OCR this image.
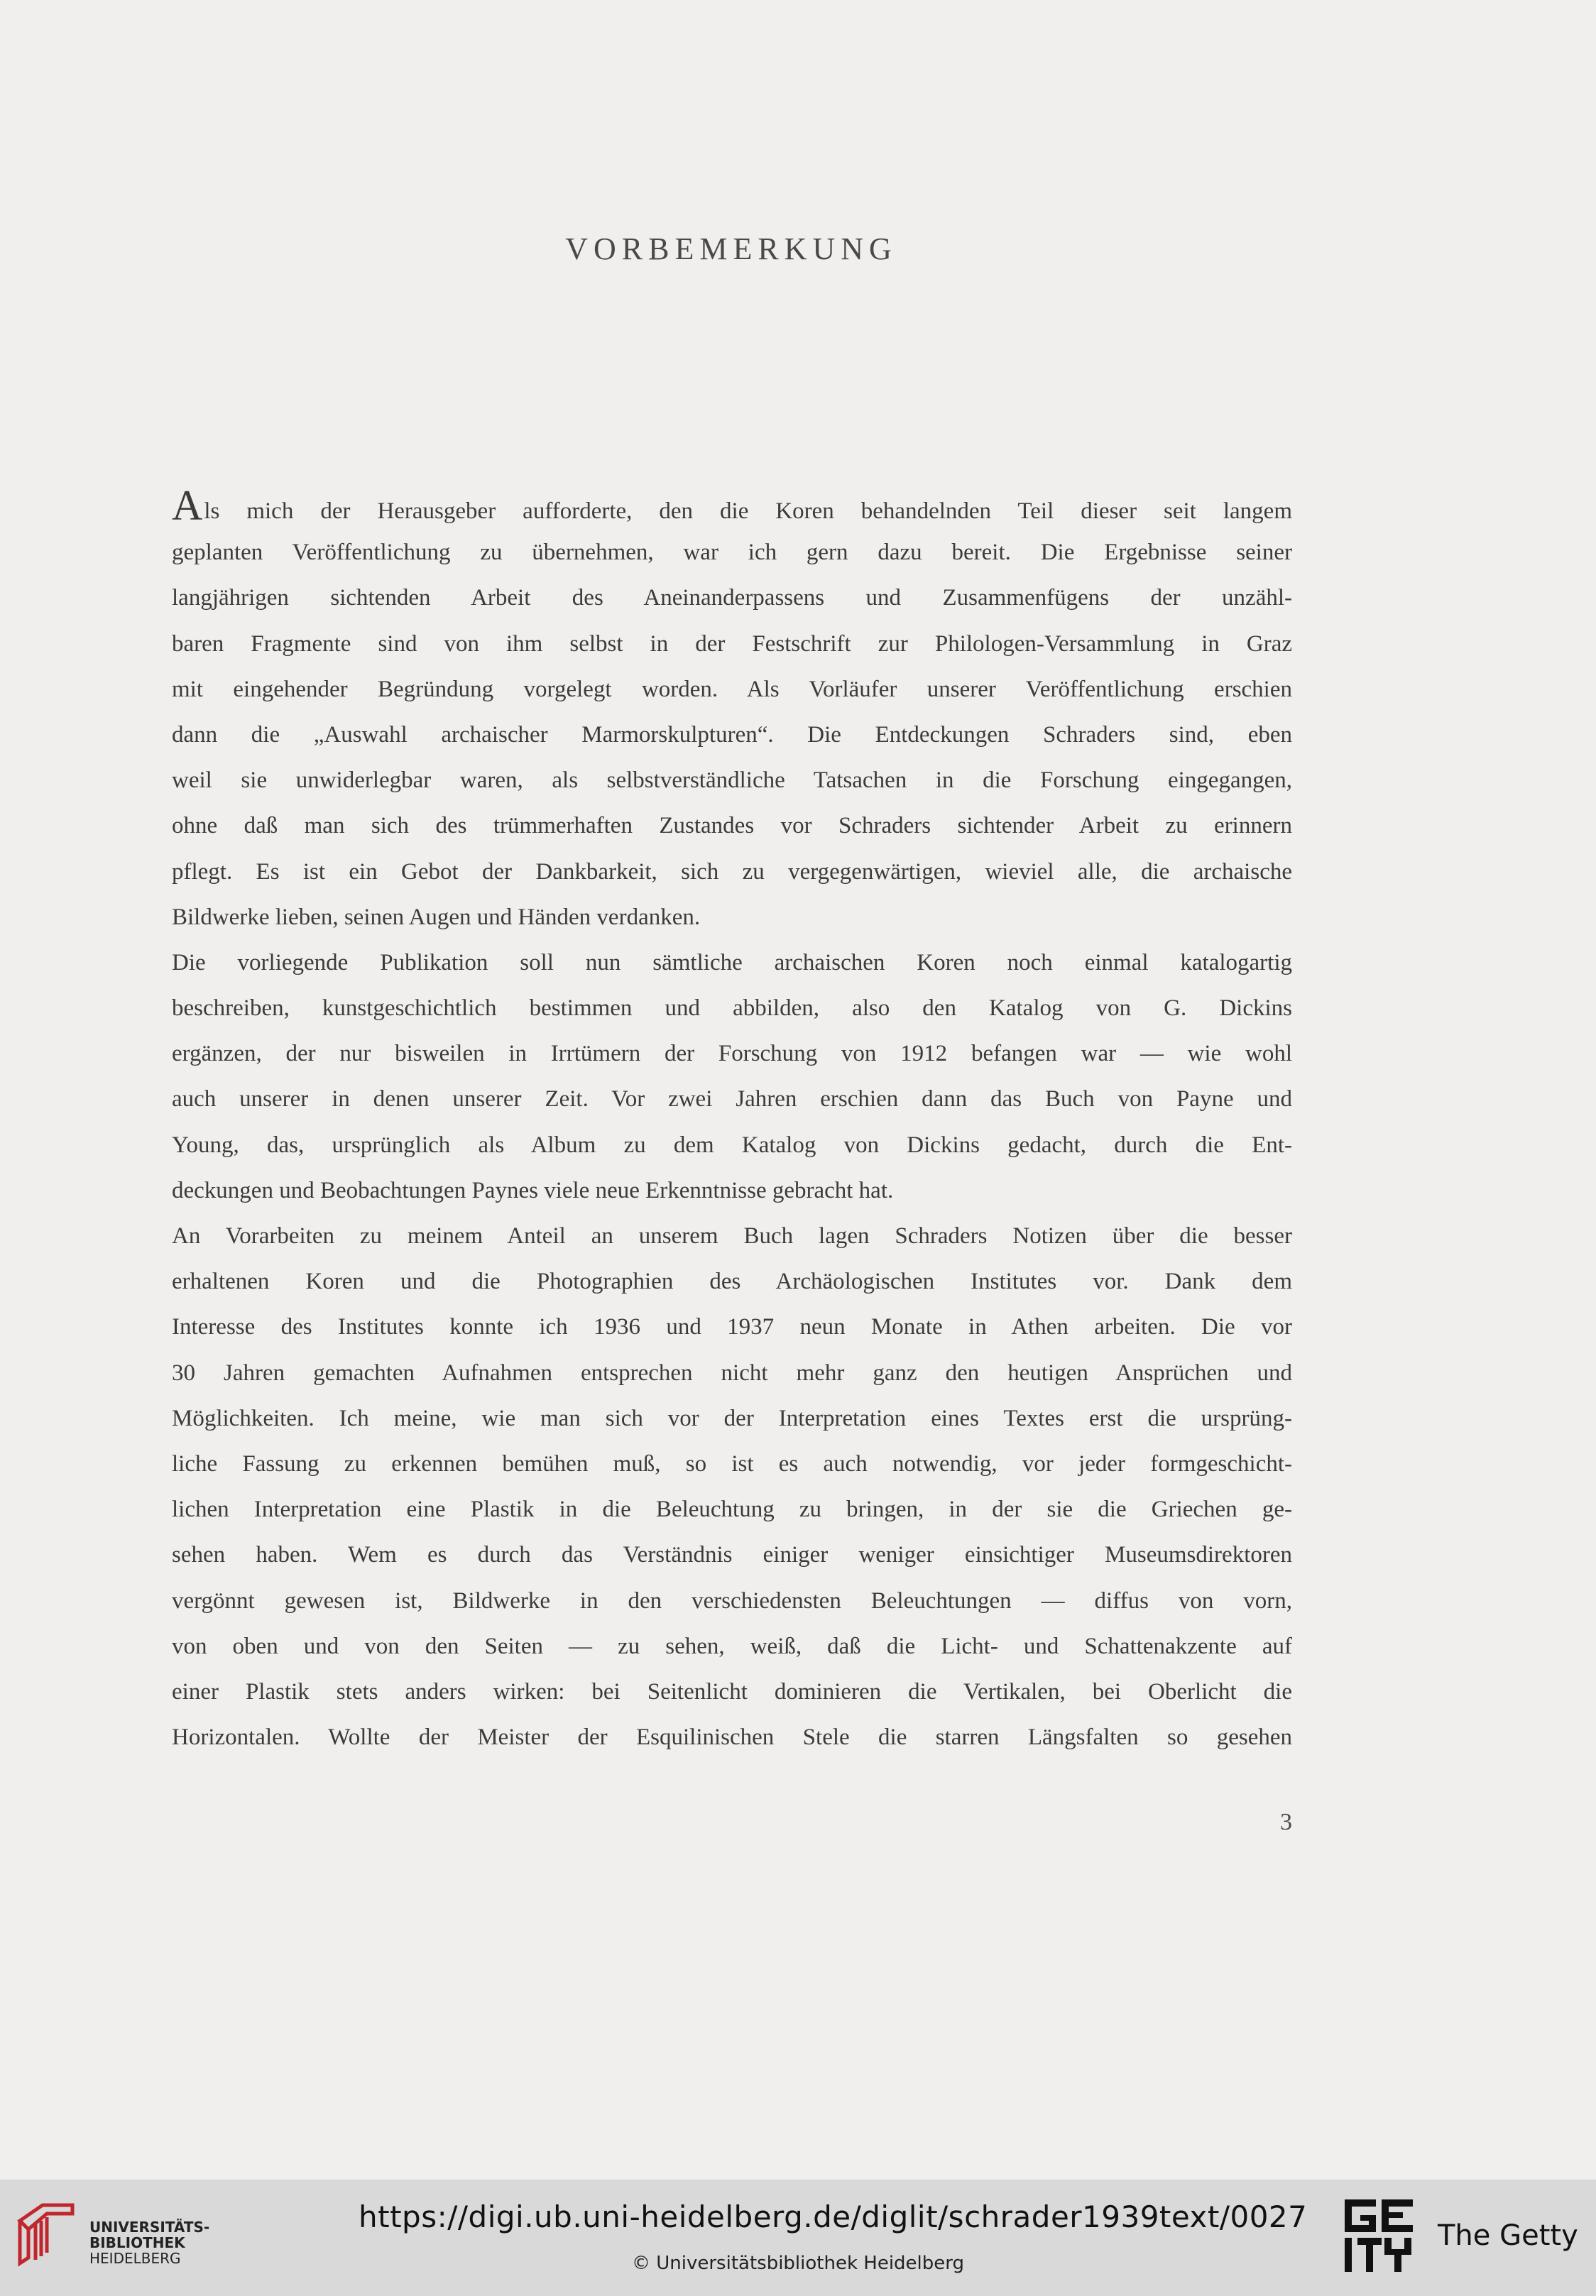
VORBEMERKUNG
Als mich der Herausgeber aufforderte, den die Koren behandelnden Teil dieser seit langem
geplanten Veröffentlichung zu übernehmen, war ich gern dazu bereit. Die Ergebnisse seiner
langjährigen sichtenden Arbeit des Aneinanderpassens und Zusammenfügens der unzähl-
baren Fragmente sind von ihm selbst in der Festschrift zur Philologen-Versammlung in Graz
mit eingehender Begründung vorgelegt worden. Als Vorläufer unserer Veröffentlichung erschien
dann die „Auswahl archaischer Marmorskulpturen“. Die Entdeckungen Schraders sind, eben
weil sie unwiderlegbar waren, als selbstverständliche Tatsachen in die Forschung eingegangen,
ohne daß man sich des trümmerhaften Zustandes vor Schraders sichtender Arbeit zu erinnern
pflegt. Es ist ein Gebot der Dankbarkeit, sich zu vergegenwärtigen, wieviel alle, die archaische
Bildwerke lieben, seinen Augen und Händen verdanken.
Die vorliegende Publikation soll nun sämtliche archaischen Koren noch einmal katalogartig
beschreiben, kunstgeschichtlich bestimmen und abbilden, also den Katalog von G. Dickins
ergänzen, der nur bisweilen in Irrtümern der Forschung von 1912 befangen war — wie wohl
auch unserer in denen unserer Zeit. Vor zwei Jahren erschien dann das Buch von Payne und
Young, das, ursprünglich als Album zu dem Katalog von Dickins gedacht, durch die Ent-
deckungen und Beobachtungen Paynes viele neue Erkenntnisse gebracht hat.
An Vorarbeiten zu meinem Anteil an unserem Buch lagen Schraders Notizen über die besser
erhaltenen Koren und die Photographien des Archäologischen Institutes vor. Dank dem
Interesse des Institutes konnte ich 1936 und 1937 neun Monate in Athen arbeiten. Die vor
30 Jahren gemachten Aufnahmen entsprechen nicht mehr ganz den heutigen Ansprüchen und
Möglichkeiten. Ich meine, wie man sich vor der Interpretation eines Textes erst die ursprüng-
liche Fassung zu erkennen bemühen muß, so ist es auch notwendig, vor jeder formgeschicht-
lichen Interpretation eine Plastik in die Beleuchtung zu bringen, in der sie die Griechen ge-
sehen haben. Wem es durch das Verständnis einiger weniger einsichtiger Museumsdirektoren
vergönnt gewesen ist, Bildwerke in den verschiedensten Beleuchtungen — diffus von vorn,
von oben und von den Seiten — zu sehen, weiß, daß die Licht- und Schattenakzente auf
einer Plastik stets anders wirken: bei Seitenlicht dominieren die Vertikalen, bei Oberlicht die
Horizontalen. Wollte der Meister der Esquilinischen Stele die starren Längsfalten so gesehen
3
UNIVERSITÄTS-
BIBLIOTHEK
HEIDELBERG
https://digi.ub.uni-heidelberg.de/diglit/schrader1939text/0027
© Universitätsbibliothek Heidelberg
The Getty
